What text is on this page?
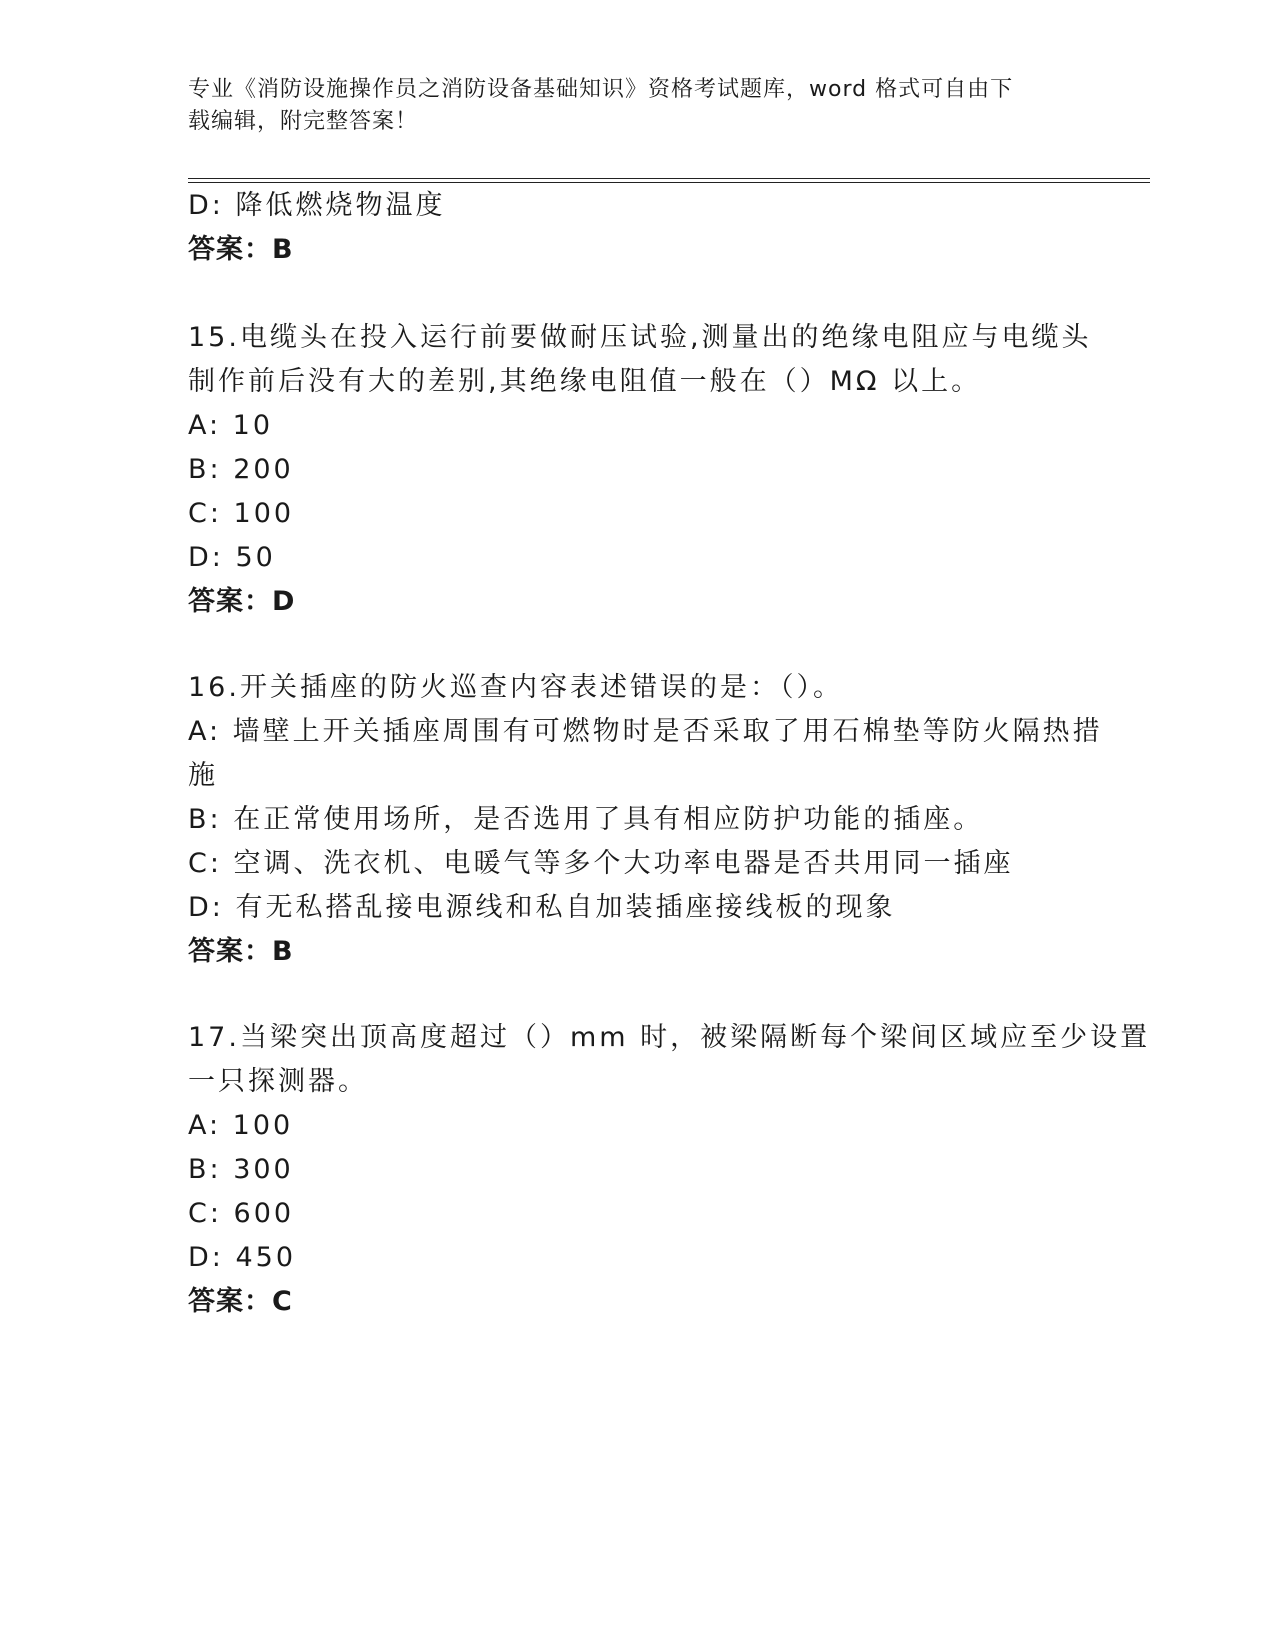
专业《消防设施操作员之消防设备基础知识》资格考试题库，word 格式可自由下
载编辑，附完整答案！
D: 降低燃烧物温度
答案：B
15.电缆头在投入运行前要做耐压试验,测量出的绝缘电阻应与电缆头
制作前后没有大的差别,其绝缘电阻值一般在（）MΩ 以上。
A: 10
B: 200
C: 100
D: 50
答案：D
16.开关插座的防火巡查内容表述错误的是：（）。
A: 墙壁上开关插座周围有可燃物时是否采取了用石棉垫等防火隔热措
施
B: 在正常使用场所，是否选用了具有相应防护功能的插座。
C: 空调、洗衣机、电暖气等多个大功率电器是否共用同一插座
D: 有无私搭乱接电源线和私自加装插座接线板的现象
答案：B
17.当梁突出顶高度超过（）mm 时，被梁隔断每个梁间区域应至少设置
一只探测器。
A: 100
B: 300
C: 600
D: 450
答案：C
